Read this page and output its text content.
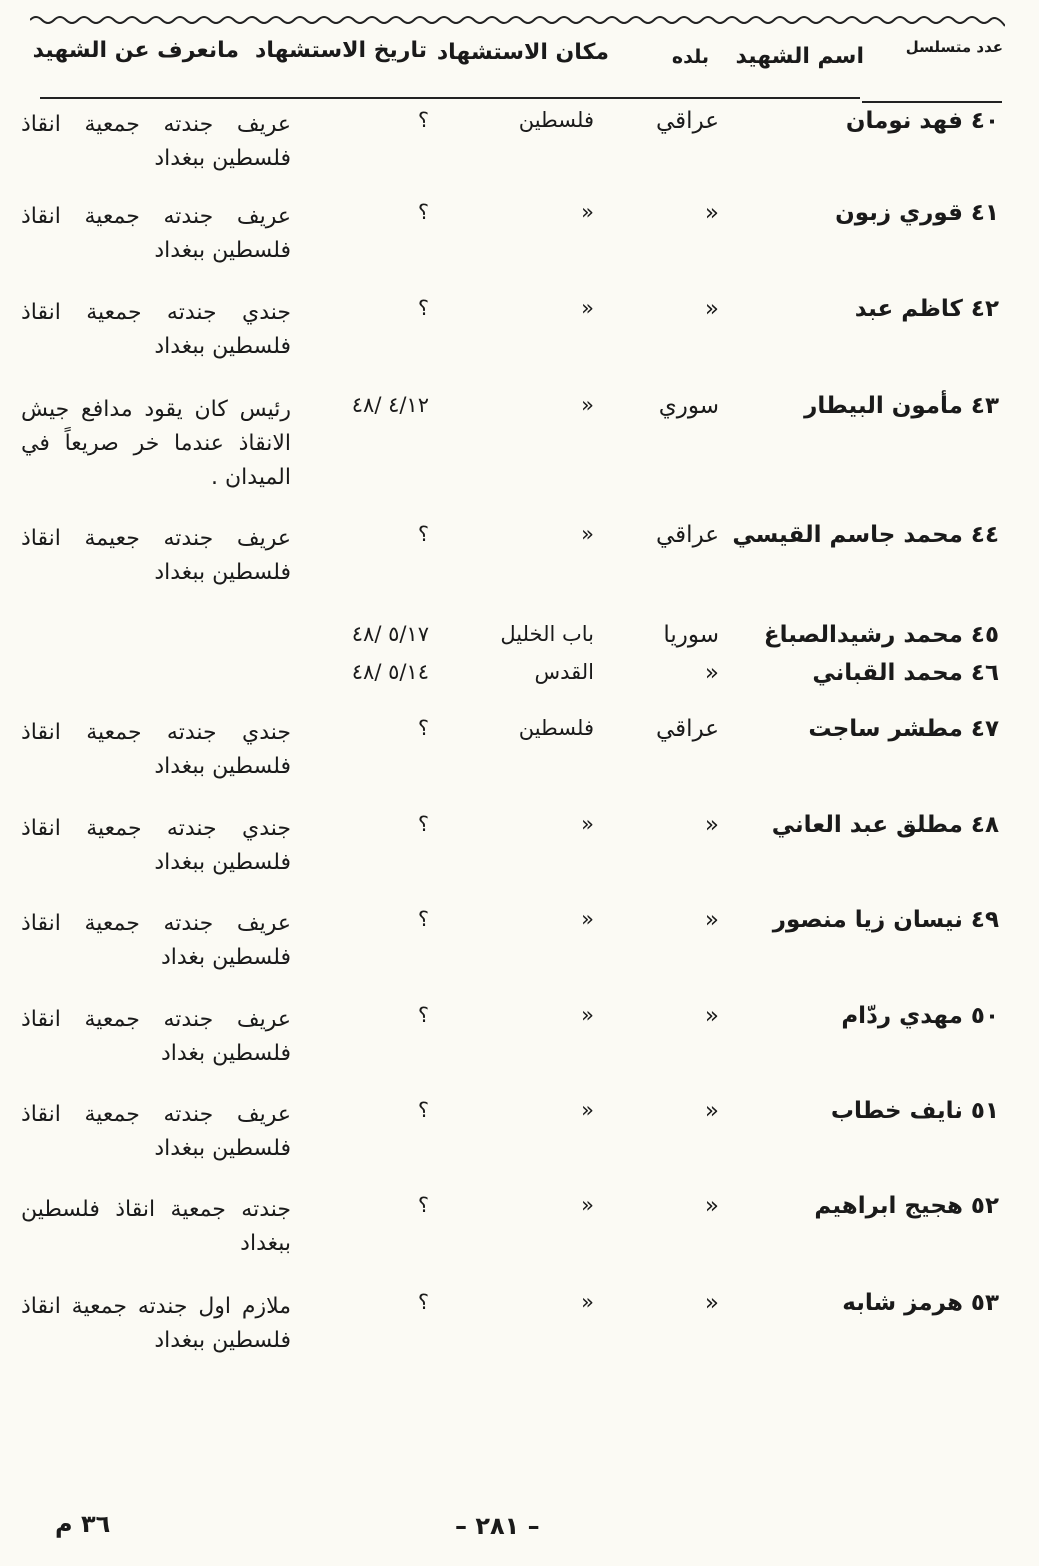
عدد متسلسل
اسم الشهيد
بلده
مكان الاستشهاد
تاريخ الاستشهاد
مانعرف عن الشهيد
٤٠ فهد نومان
عراقي
فلسطين
؟
عريف جندته جمعية انقاذ فلسطين ببغداد
٤١ قوري زبون
«
«
؟
عريف جندته جمعية انقاذ فلسطين ببغداد
٤٢ كاظم عبد
«
«
؟
جندي جندته جمعية انقاذ فلسطين ببغداد
٤٣ مأمون البيطار
سوري
«
٤/١٢ /٤٨
رئيس كان يقود مدافع جيش الانقاذ عندما خر صريعاً في الميدان .
٤٤ محمد جاسم القيسي
عراقي
«
؟
عريف جندته جعيمة انقاذ فلسطين ببغداد
٤٥ محمد رشيدالصباغ
سوريا
باب الخليل
٥/١٧ /٤٨
٤٦ محمد القباني
«
القدس
٥/١٤ /٤٨
٤٧ مطشر ساجت
عراقي
فلسطين
؟
جندي جندته جمعية انقاذ فلسطين ببغداد
٤٨ مطلق عبد العاني
«
«
؟
جندي جندته جمعية انقاذ فلسطين ببغداد
٤٩ نيسان زيا منصور
«
«
؟
عريف جندته جمعية انقاذ فلسطين بغداد
٥٠ مهدي ردّام
«
«
؟
عريف جندته جمعية انقاذ فلسطين بغداد
٥١ نايف خطاب
«
«
؟
عريف جندته جمعية انقاذ فلسطين ببغداد
٥٢ هجيج ابراهيم
«
«
؟
جندته جمعية انقاذ فلسطين ببغداد
٥٣ هرمز شابه
«
«
؟
ملازم اول جندته جمعية انقاذ فلسطين ببغداد
– ٢٨١ –
٣٦ م
